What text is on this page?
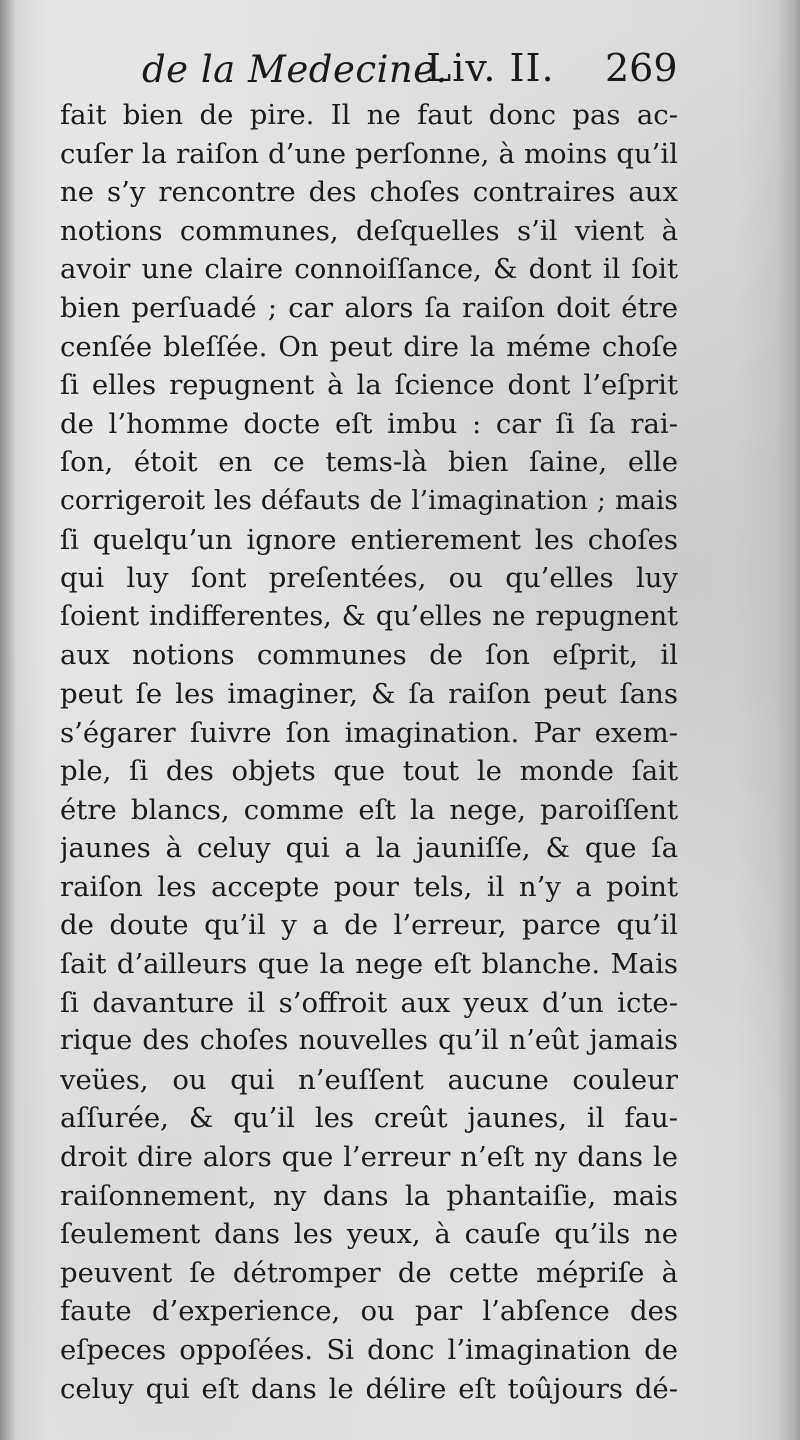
de la Medecine.
Liv. II. 269
fait bien de pire. Il ne faut donc pas ac-
cuſer la raiſon d’une perſonne, à moins qu’il
ne s’y rencontre des choſes contraires aux
notions communes, deſquelles s’il vient à
avoir une claire connoiſſance, & dont il ſoit
bien perſuadé ; car alors ſa raiſon doit étre
cenſée bleſſée. On peut dire la méme choſe
ſi elles repugnent à la ſcience dont l’eſprit
de l’homme docte eſt imbu : car ſi ſa rai-
ſon, étoit en ce tems-là bien ſaine, elle
corrigeroit les défauts de l’imagination ; mais
ſi quelqu’un ignore entierement les choſes
qui luy ſont preſentées, ou qu’elles luy
ſoient indifferentes, & qu’elles ne repugnent
aux notions communes de ſon eſprit, il
peut ſe les imaginer, & ſa raiſon peut ſans
s’égarer ſuivre ſon imagination. Par exem-
ple, ſi des objets que tout le monde ſait
étre blancs, comme eſt la nege, paroiſſent
jaunes à celuy qui a la jauniſſe, & que ſa
raiſon les accepte pour tels, il n’y a point
de doute qu’il y a de l’erreur, parce qu’il
ſait d’ailleurs que la nege eſt blanche. Mais
ſi davanture il s’offroit aux yeux d’un icte-
rique des choſes nouvelles qu’il n’eût jamais
veües, ou qui n’euſſent aucune couleur
aſſurée, & qu’il les creût jaunes, il fau-
droit dire alors que l’erreur n’eſt ny dans le
raiſonnement, ny dans la phantaiſie, mais
ſeulement dans les yeux, à cauſe qu’ils ne
peuvent ſe détromper de cette mépriſe à
faute d’experience, ou par l’abſence des
eſpeces oppoſées. Si donc l’imagination de
celuy qui eſt dans le délire eſt toûjours dé-
